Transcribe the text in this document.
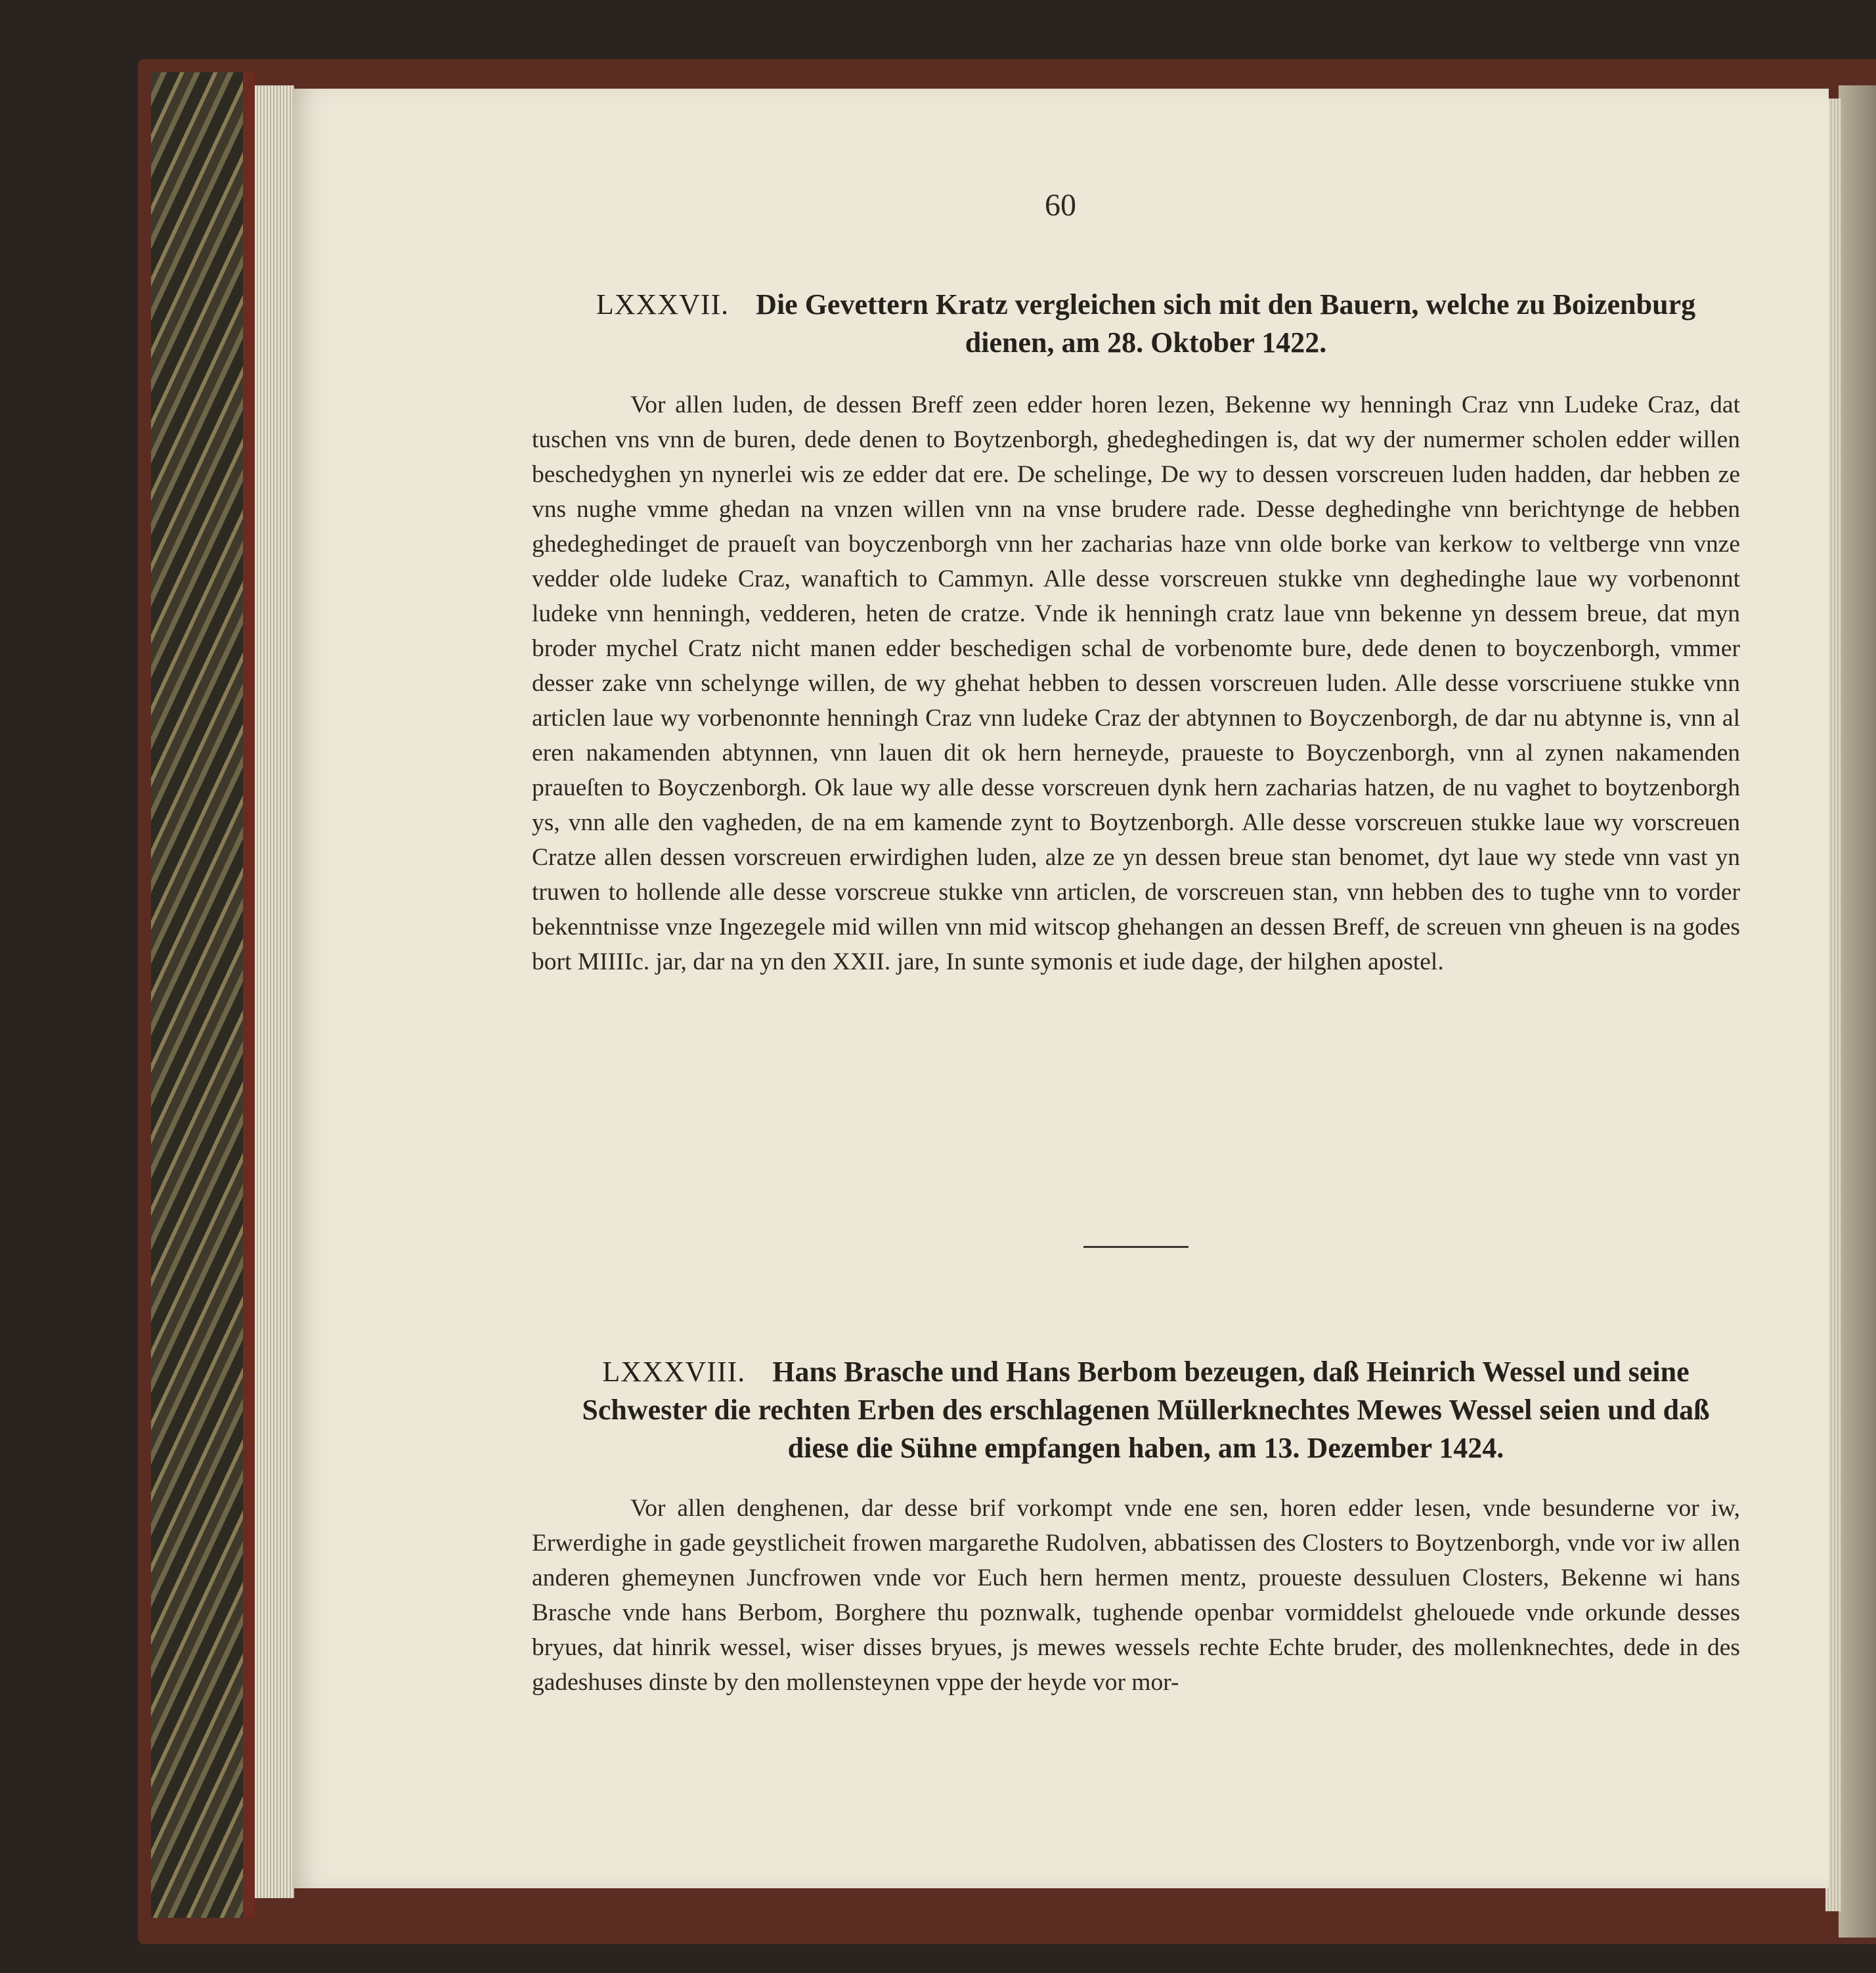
60
LXXXVII. Die Gevettern Kratz vergleichen sich mit den Bauern, welche zu Boizenburg dienen, am 28. Oktober 1422.

Vor allen luden, de dessen Breff zeen edder horen lezen, Bekenne wy henningh Craz vnn Ludeke Craz, dat tuschen vns vnn de buren, dede denen to Boytzenborgh, ghedeghedingen is, dat wy der numermer scholen edder willen beschedyghen yn nynerlei wis ze edder dat ere. De schelinge, De wy to dessen vorscreuen luden hadden, dar hebben ze vns nughe vmme ghedan na vnzen willen vnn na vnse brudere rade. Desse deghedinghe vnn berichtynge de hebben ghedeghedinget de praueſt van boyczenborgh vnn her zacharias haze vnn olde borke van kerkow to veltberge vnn vnze vedder olde ludeke Craz, wanaftich to Cammyn. Alle desse vorscreuen stukke vnn deghedinghe laue wy vorbenonnt ludeke vnn henningh, vedderen, heten de cratze. Vnde ik henningh cratz laue vnn bekenne yn dessem breue, dat myn broder mychel Cratz nicht manen edder beschedigen schal de vorbenomte bure, dede denen to boyczenborgh, vmmer desser zake vnn schelynge willen, de wy ghehat hebben to dessen vorscreuen luden. Alle desse vorscriuene stukke vnn articlen laue wy vorbenonnte henningh Craz vnn ludeke Craz der abtynnen to Boyczenborgh, de dar nu abtynne is, vnn al eren nakamenden abtynnen, vnn lauen dit ok hern herneyde, praueste to Boyczenborgh, vnn al zynen nakamenden praueſten to Boyczenborgh. Ok laue wy alle desse vorscreuen dynk hern zacharias hatzen, de nu vaghet to boytzenborgh ys, vnn alle den vagheden, de na em kamende zynt to Boytzenborgh. Alle desse vorscreuen stukke laue wy vorscreuen Cratze allen dessen vorscreuen erwirdighen luden, alze ze yn dessen breue stan benomet, dyt laue wy stede vnn vast yn truwen to hollende alle desse vorscreue stukke vnn articlen, de vorscreuen stan, vnn hebben des to tughe vnn to vorder bekenntnisse vnze Ingezegele mid willen vnn mid witscop ghehangen an dessen Breff, de screuen vnn gheuen is na godes bort MIIIIc. jar, dar na yn den XXII. jare, In sunte symonis et iude dage, der hilghen apostel.

LXXXVIII. Hans Brasche und Hans Berbom bezeugen, daß Heinrich Wessel und seine Schwester die rechten Erben des erschlagenen Müllerknechtes Mewes Wessel seien und daß diese die Sühne empfangen haben, am 13. Dezember 1424.

Vor allen denghenen, dar desse brif vorkompt vnde ene sen, horen edder lesen, vnde besunderne vor iw, Erwerdighe in gade geystlicheit frowen margarethe Rudolven, abbatissen des Closters to Boytzenborgh, vnde vor iw allen anderen ghemeynen Juncfrowen vnde vor Euch hern hermen mentz, proueste dessuluen Closters, Bekenne wi hans Brasche vnde hans Berbom, Borghere thu poznwalk, tughende openbar vormiddelst ghelouede vnde orkunde desses bryues, dat hinrik wessel, wiser disses bryues, js mewes wessels rechte Echte bruder, des mollenknechtes, dede in des gadeshuses dinste by den mollensteynen vppe der heyde vor mor-
